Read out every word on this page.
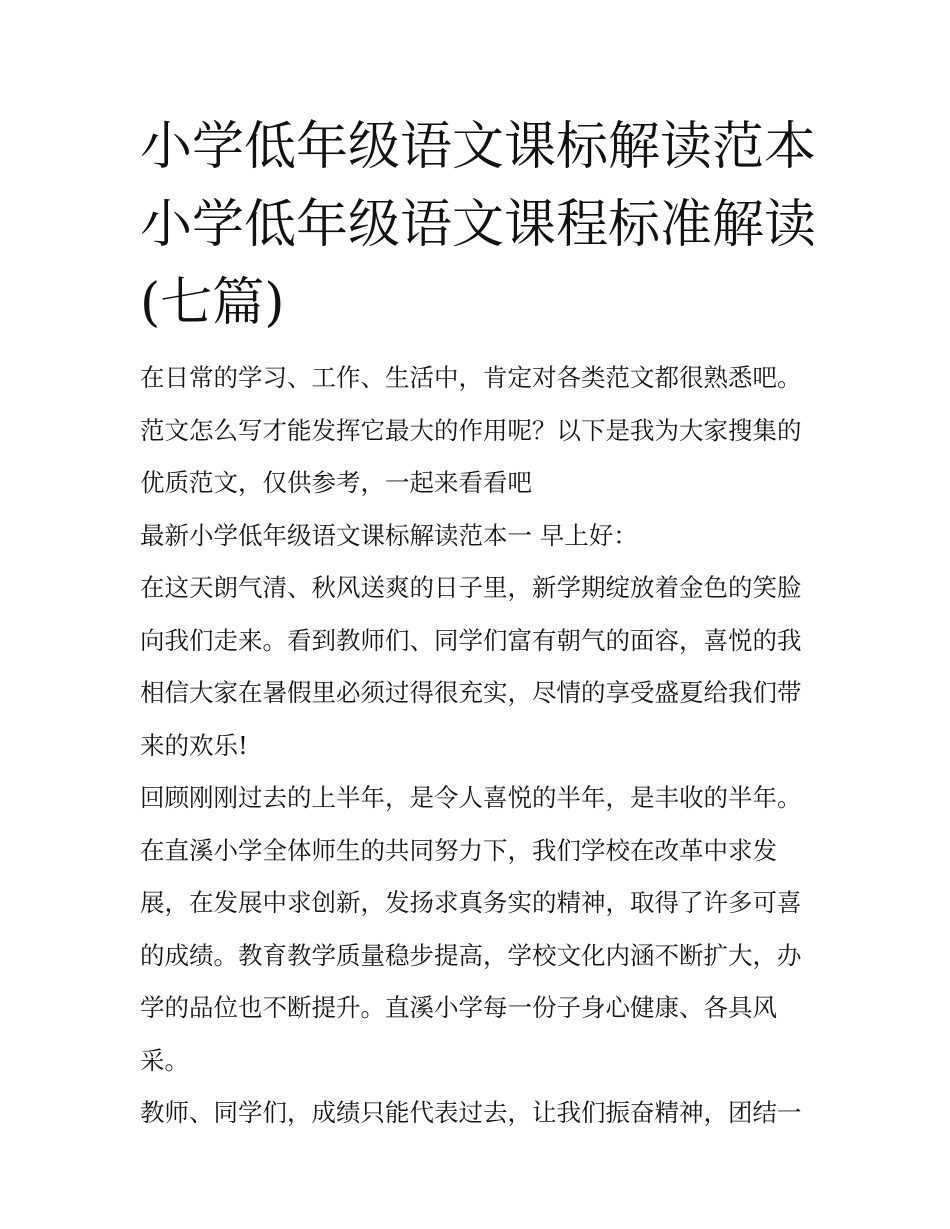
小学低年级语文课标解读范本
小学低年级语文课程标准解读
(七篇)
在日常的学习、工作、生活中，肯定对各类范文都很熟悉吧。
范文怎么写才能发挥它最大的作用呢？以下是我为大家搜集的
优质范文，仅供参考，一起来看看吧
最新小学低年级语文课标解读范本一 早上好：
在这天朗气清、秋风送爽的日子里，新学期绽放着金色的笑脸
向我们走来。看到教师们、同学们富有朝气的面容，喜悦的我
相信大家在暑假里必须过得很充实，尽情的享受盛夏给我们带
来的欢乐!
回顾刚刚过去的上半年，是令人喜悦的半年，是丰收的半年。
在直溪小学全体师生的共同努力下，我们学校在改革中求发
展，在发展中求创新，发扬求真务实的精神，取得了许多可喜
的成绩。教育教学质量稳步提高，学校文化内涵不断扩大，办
学的品位也不断提升。直溪小学每一份子身心健康、各具风
采。
教师、同学们，成绩只能代表过去，让我们振奋精神，团结一
